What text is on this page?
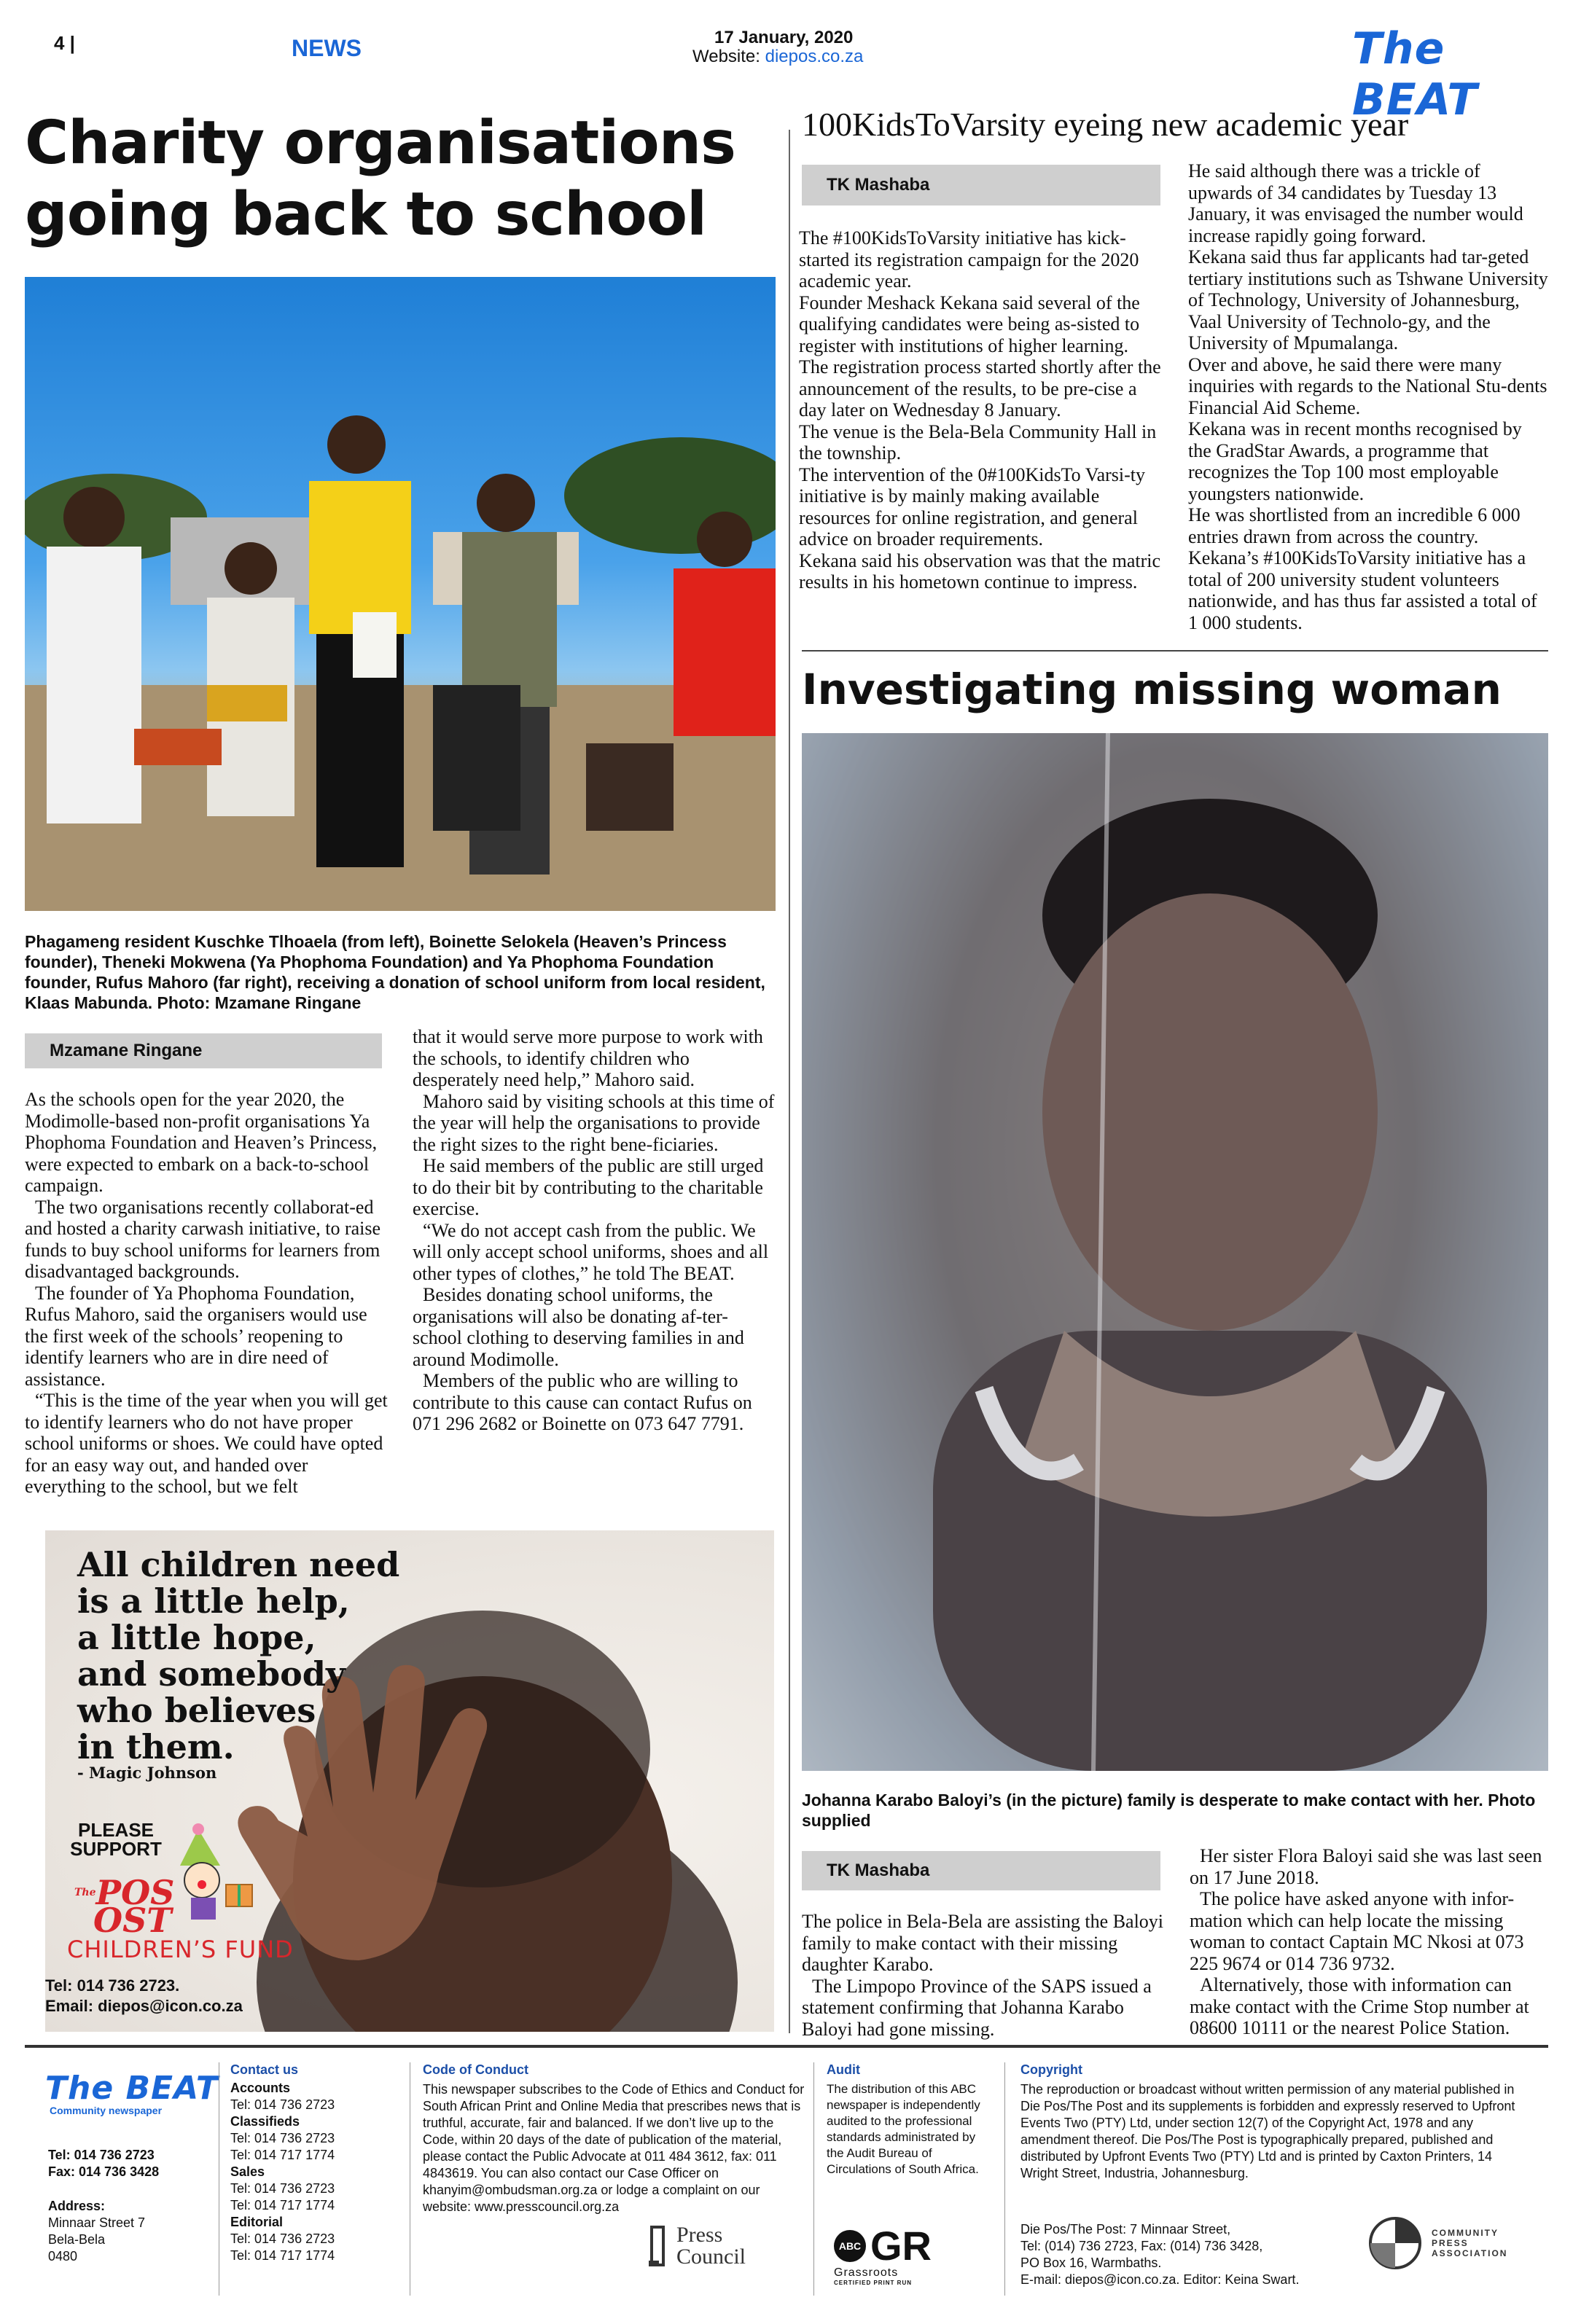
4 |	NEWS	17 January, 2020
Website: diepos.co.za	The BEAT
Charity organisations
going back to school
Phagameng resident Kuschke Tlhoaela (from left), Boinette Selokela (Heaven’s Princess founder), Theneki Mokwena (Ya Phophoma Foundation) and Ya Phophoma Foundation founder, Rufus Mahoro (far right), receiving a donation of school uniform from local resident, Klaas Mabunda. Photo: Mzamane Ringane
Mzamane Ringane

As the schools open for the year 2020, the Modimolle-based non-profit organisations Ya Phophoma Foundation and Heaven’s Princess, were expected to embark on a back-to-school campaign.

The two organisations recently collaborat-ed and hosted a charity carwash initiative, to raise funds to buy school uniforms for learners from disadvantaged backgrounds.

The founder of Ya Phophoma Foundation, Rufus Mahoro, said the organisers would use the first week of the schools’ reopening to identify learners who are in dire need of assistance.

“This is the time of the year when you will get to identify learners who do not have proper school uniforms or shoes. We could have opted for an easy way out, and handed over everything to the school, but we felt

that it would serve more purpose to work with the schools, to identify children who desperately need help,” Mahoro said.

Mahoro said by visiting schools at this time of the year will help the organisations to provide the right sizes to the right bene-ficiaries.

He said members of the public are still urged to do their bit by contributing to the charitable exercise.

“We do not accept cash from the public. We will only accept school uniforms, shoes and all other types of clothes,” he told The BEAT.

Besides donating school uniforms, the organisations will also be donating af-ter-school clothing to deserving families in and around Modimolle.

Members of the public who are willing to contribute to this cause can contact Rufus on 071 296 2682 or Boinette on 073 647 7791.

100KidsToVarsity eyeing new academic year
TK Mashaba

The #100KidsToVarsity initiative has kick-started its registration campaign for the 2020 academic year.

Founder Meshack Kekana said several of the qualifying candidates were being as-sisted to register with institutions of higher learning.

The registration process started shortly after the announcement of the results, to be pre-cise a day later on Wednesday 8 January.

The venue is the Bela-Bela Community Hall in the township.

The intervention of the 0#100KidsTo Varsi-ty initiative is by mainly making available resources for online registration, and general advice on broader requirements.

Kekana said his observation was that the matric results in his hometown continue to impress.

He said although there was a trickle of upwards of 34 candidates by Tuesday 13 January, it was envisaged the number would increase rapidly going forward.

Kekana said thus far applicants had tar-geted tertiary institutions such as Tshwane University of Technology, University of Johannesburg, Vaal University of Technolo-gy, and the University of Mpumalanga.

Over and above, he said there were many inquiries with regards to the National Stu-dents Financial Aid Scheme.

Kekana was in recent months recognised by the GradStar Awards, a programme that recognizes the Top 100 most employable youngsters nationwide.

He was shortlisted from an incredible 6 000 entries drawn from across the country.

Kekana’s #100KidsToVarsity initiative has a total of 200 university student volunteers nationwide, and has thus far assisted a total of 1 000 students.

Investigating missing woman
Johanna Karabo Baloyi’s (in the picture) family is desperate to make contact with her. Photo supplied
TK Mashaba

The police in Bela-Bela are assisting the Baloyi family to make contact with their missing daughter Karabo.

The Limpopo Province of the SAPS issued a statement confirming that Johanna Karabo Baloyi had gone missing.

Her sister Flora Baloyi said she was last seen on 17 June 2018.

The police have asked anyone with infor-mation which can help locate the missing woman to contact Captain MC Nkosi at 073 225 9674 or 014 736 9732.

Alternatively, those with information can make contact with the Crime Stop number at 08600 10111 or the nearest Police Station.

All children need
is a little help,
a little hope,
and somebody
who believes
in them.
- Magic Johnson
PLEASE
SUPPORT
$^{ThePOS}$
$^{OST}$
CHILDREN’S FUND
Tel: 014 736 2723.
Email: diepos@icon.co.za
The BEAT
Community newspaper
Tel: 014 736 2723
Fax: 014 736 3428
Address:
Minnaar Street 7
Bela-Bela
0480
Contact us
Accounts
Tel: 014 736 2723
Classifieds
Tel: 014 736 2723
Tel: 014 717 1774
Sales
Tel: 014 736 2723
Tel: 014 717 1774
Editorial
Tel: 014 736 2723
Tel: 014 717 1774
Code of Conduct
This newspaper subscribes to the Code of Ethics and Conduct for South African Print and Online Media that prescribes news that is truthful, accurate, fair and balanced. If we don’t live up to the Code, within 20 days of the date of publication of the material, please contact the Public Advocate at 011 484 3612, fax: 011 4843619. You can also contact our Case Officer on khanyim@ombudsman.org.za or lodge a complaint on our website: www.presscouncil.org.za
Press
Council
Audit
The distribution of this ABC newspaper is independently audited to the professional standards administrated by the Audit Bureau of Circulations of South Africa.
ABC GR
Grassroots
CERTIFIED PRINT RUN
Copyright
The reproduction or broadcast without written permission of any material published in Die Pos/The Post and its supplements is forbidden and expressly reserved to Upfront Events Two (PTY) Ltd, under section 12(7) of the Copyright Act, 1978 and any amendment thereof. Die Pos/The Post is typographically prepared, published and distributed by Upfront Events Two (PTY) Ltd and is printed by Caxton Printers, 14 Wright Street, Industria, Johannesburg.
Die Pos/The Post: 7 Minnaar Street,
Tel: (014) 736 2723, Fax: (014) 736 3428,
PO Box 16, Warmbaths.
E-mail: diepos@icon.co.za. Editor: Keina Swart.
COMMUNITY
PRESS
ASSOCIATION
